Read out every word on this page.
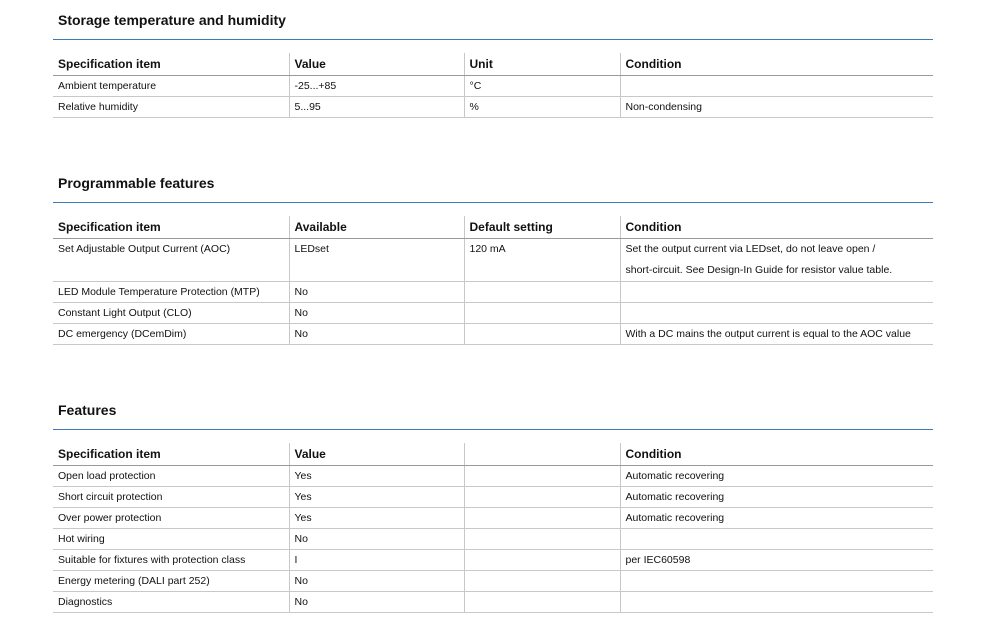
Storage temperature and humidity
Specification item	Value	Unit	Condition
Ambient temperature	-25...+85	°C	
Relative humidity	5...95	%	Non-condensing
Programmable features
Specification item	Available	Default setting	Condition
Set Adjustable Output Current (AOC)	LEDset	120 mA	Set the output current via LEDset, do not leave open /
short-circuit. See Design-In Guide for resistor value table.

LED Module Temperature Protection (MTP)	No		
Constant Light Output (CLO)	No		
DC emergency (DCemDim)	No		With a DC mains the output current is equal to the AOC value
Features
Specification item	Value		Condition
Open load protection	Yes		Automatic recovering
Short circuit protection	Yes		Automatic recovering
Over power protection	Yes		Automatic recovering
Hot wiring	No		
Suitable for fixtures with protection class	I		per IEC60598
Energy metering (DALI part 252)	No		
Diagnostics	No		
